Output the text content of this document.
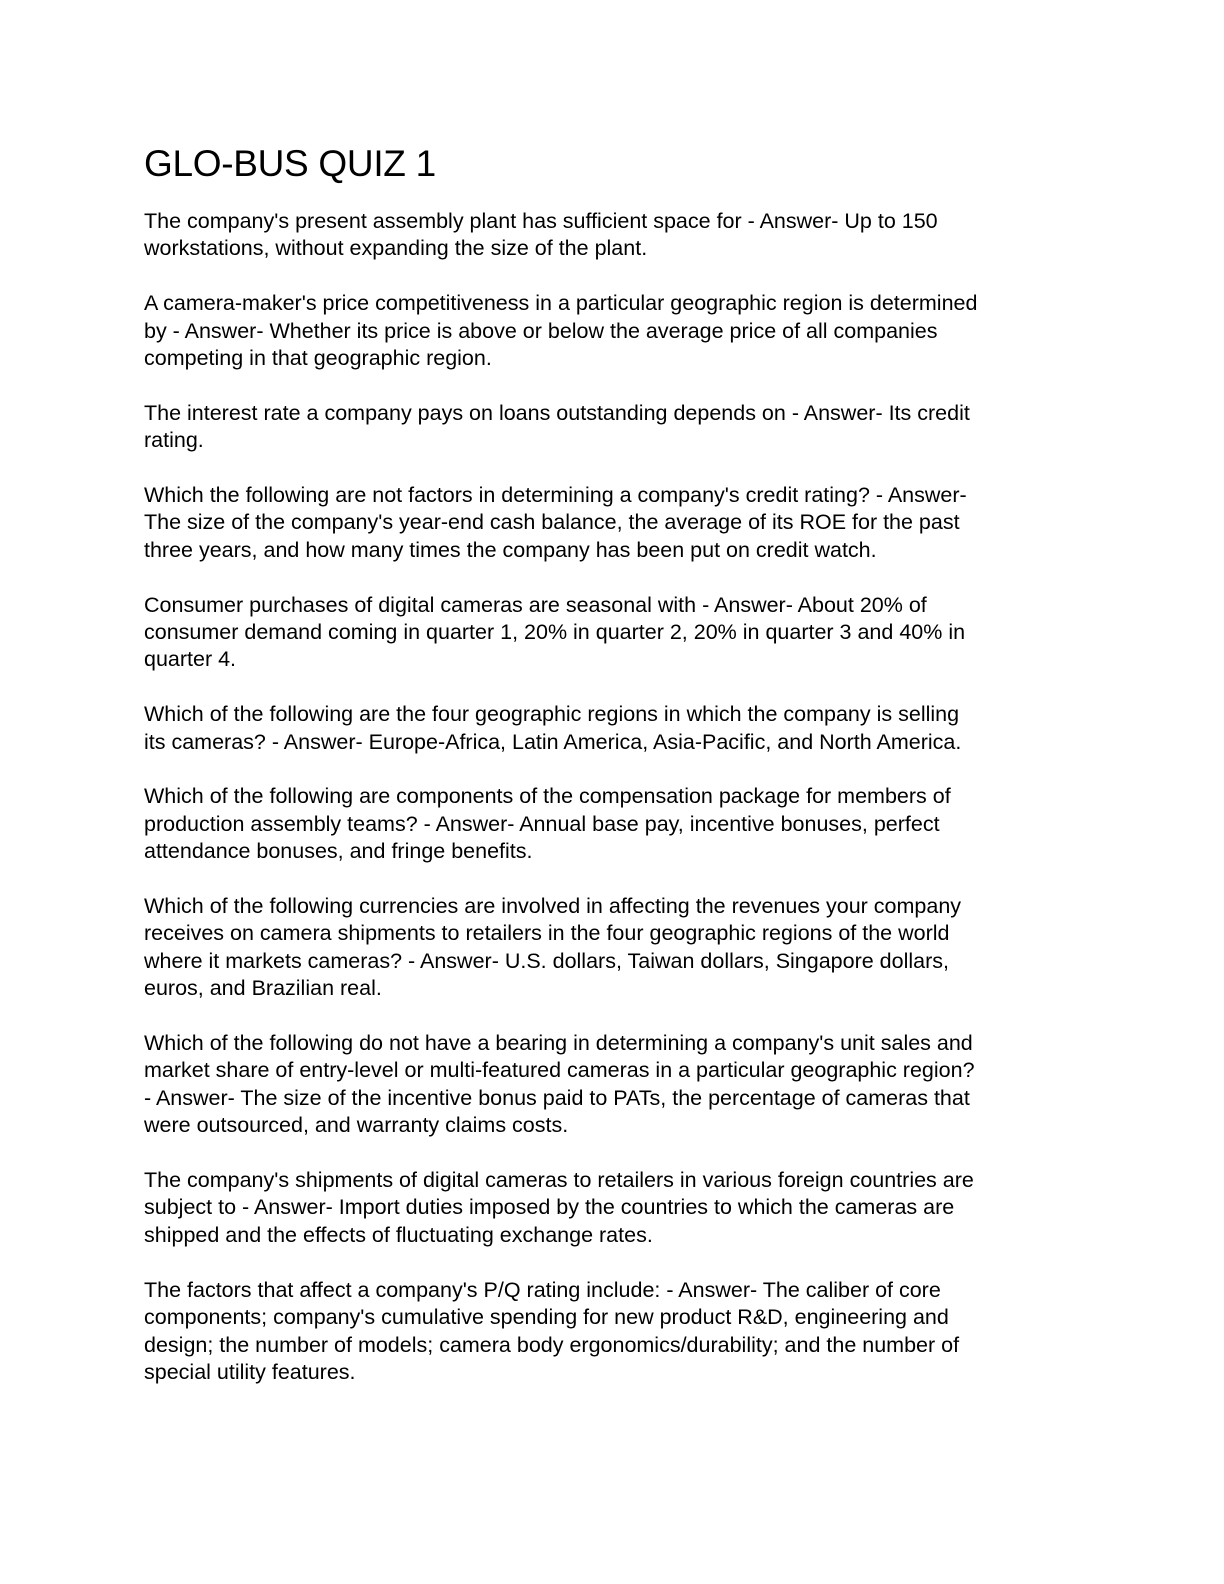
GLO-BUS QUIZ 1

The company's present assembly plant has sufficient space for - Answer- Up to 150
workstations, without expanding the size of the plant.

A camera-maker's price competitiveness in a particular geographic region is determined
by - Answer- Whether its price is above or below the average price of all companies
competing in that geographic region.

The interest rate a company pays on loans outstanding depends on - Answer- Its credit
rating.

Which the following are not factors in determining a company's credit rating? - Answer-
The size of the company's year-end cash balance, the average of its ROE for the past
three years, and how many times the company has been put on credit watch.

Consumer purchases of digital cameras are seasonal with - Answer- About 20% of
consumer demand coming in quarter 1, 20% in quarter 2, 20% in quarter 3 and 40% in
quarter 4.

Which of the following are the four geographic regions in which the company is selling
its cameras? - Answer- Europe-Africa, Latin America, Asia-Pacific, and North America.

Which of the following are components of the compensation package for members of
production assembly teams? - Answer- Annual base pay, incentive bonuses, perfect
attendance bonuses, and fringe benefits.

Which of the following currencies are involved in affecting the revenues your company
receives on camera shipments to retailers in the four geographic regions of the world
where it markets cameras? - Answer- U.S. dollars, Taiwan dollars, Singapore dollars,
euros, and Brazilian real.

Which of the following do not have a bearing in determining a company's unit sales and
market share of entry-level or multi-featured cameras in a particular geographic region?
- Answer- The size of the incentive bonus paid to PATs, the percentage of cameras that
were outsourced, and warranty claims costs.

The company's shipments of digital cameras to retailers in various foreign countries are
subject to - Answer- Import duties imposed by the countries to which the cameras are
shipped and the effects of fluctuating exchange rates.

The factors that affect a company's P/Q rating include: - Answer- The caliber of core
components; company's cumulative spending for new product R&D, engineering and
design; the number of models; camera body ergonomics/durability; and the number of
special utility features.
